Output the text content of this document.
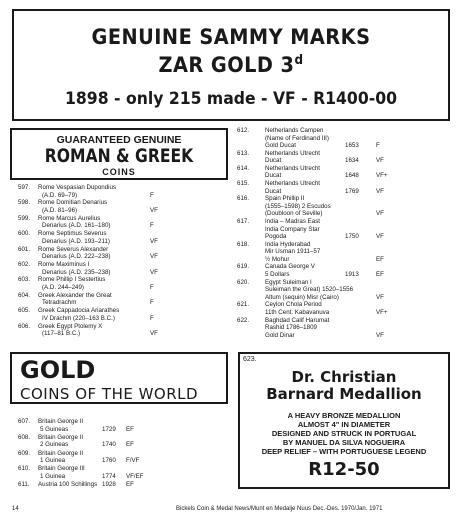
GENUINE SAMMY MARKS
ZAR GOLD 3$^d$
1898 - only 215 made - VF - R1400-00
GUARANTEED GENUINE
ROMAN & GREEK
COINS
597. Rome Vespasian Dupondius
(A.D. 69–79)	F
598. Rome Domitian Denarius
(A.D. 81–96)	VF
599. Rome Marcus Aurelius
Denarius (A.D. 161–180)	F
600. Rome Septimus Severus
Denarius (A.D. 193–211)	VF
601. Rome Severus Alexander
Denarius (A.D. 222–238)	VF
602. Rome Maximinus I
Denarius (A.D. 235–238)	VF
603. Rome Phillip I Sestertius
(A.D. 244–249)	F
604. Greek Alexander the Great
Tetradrachm	F
605. Greek Cappadocia Ariarathes
IV Drachm (220–163 B.C.)	F
606. Greek Egypt Ptolemy X
(117–81 B.C.)	VF
612.	Netherlands Campen
(Name of Ferdinand III)
Gold Ducat	1653	F
613.	Netherlands Utrecht
Ducat	1634	VF
614.	Netherlands Utrecht
Ducat	1648	VF+
615.	Netherlands Utrecht
Ducat	1769	VF
616.	Spain Phillip II
(1555–1598) 2 Escudos
(Doubloon of Seville)	VF
617.	India – Madras East
India Company Star
Pogoda	1750	VF
618.	India Hyderabad
Mir Usman 1911–57
½ Mohur	EF
619.	Canada George V
5 Dollars	1913	EF
620.	Egypt Suleiman I
Suleiman the Great) 1520–1556
Altum (sequin) Misr (Cairo)	VF
621.	Ceylon Chola Period
11th Cent. Kabavanuva	VF+
622.	Baghdad Calif Harumat
Rashid 1786–1809
Gold Dinar	VF
GOLD
COINS OF THE WORLD
607. Britain George II
5 Guineas	1729 EF
608. Britain George II
2 Guineas	1740 EF
609. Britain George II
1 Guinea	1760 F/VF
610. Britain George III
1 Guinea	1774 VF/EF
611. Austria 100 Schillings 1928 EF
623.
Dr. Christian
Barnard Medallion
A HEAVY BRONZE MEDALLION
ALMOST 4" IN DIAMETER
DESIGNED AND STRUCK IN PORTUGAL
BY MANUEL DA SILVA NOGUEIRA
DEEP RELIEF – WITH PORTUGUESE LEGEND
R12-50
14	Bickels Coin & Medal News/Munt en Medalje Nuus Dec.-Des. 1970/Jan. 1971
